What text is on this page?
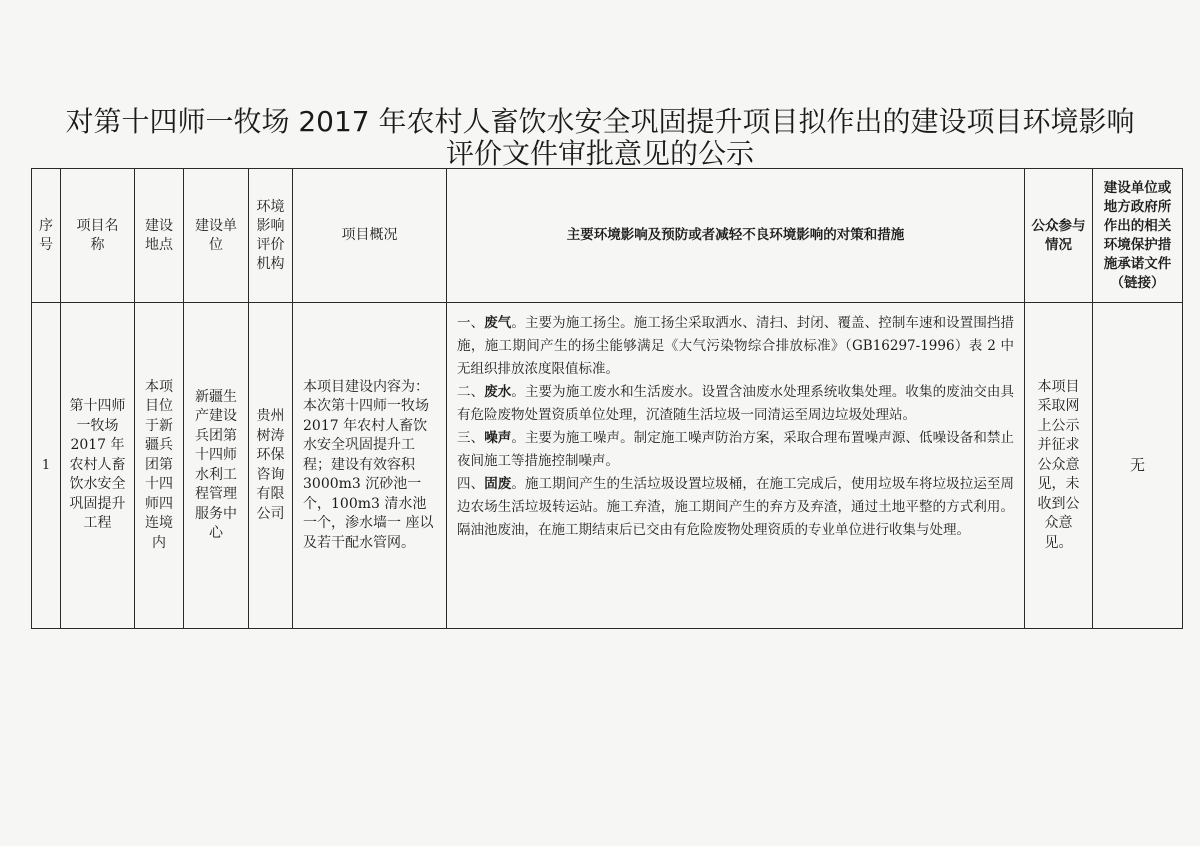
对第十四师一牧场 2017 年农村人畜饮水安全巩固提升项目拟作出的建设项目环境影响
评价文件审批意见的公示
序号	项目名称	建设地点	建设单位	环境影响评价机构	项目概况	主要环境影响及预防或者减轻不良环境影响的对策和措施	公众参与情况	建设单位或地方政府所作出的相关环境保护措施承诺文件（链接）
1	第十四师一牧场 2017 年农村人畜饮水安全巩固提升工程	本项目位于新疆兵团第十四师四连境内	新疆生产建设兵团第十四师水利工程管理服务中心	贵州树涛环保咨询有限公司	本项目建设内容为：本次第十四师一牧场 2017 年农村人畜饮水安全巩固提升工程；建设有效容积 3000m3 沉砂池一个，100m3 清水池一个，渗水墙一 座以及若干配水管网。	一、废气。主要为施工扬尘。施工扬尘采取洒水、清扫、封闭、覆盖、控制车速和设置围挡措施，施工期间产生的扬尘能够满足《大气污染物综合排放标准》（GB16297-1996）表 2 中无组织排放浓度限值标准。

二、废水。主要为施工废水和生活废水。设置含油废水处理系统收集处理。收集的废油交由具有危险废物处置资质单位处理，沉渣随生活垃圾一同清运至周边垃圾处理站。

三、噪声。主要为施工噪声。制定施工噪声防治方案，采取合理布置噪声源、低噪设备和禁止夜间施工等措施控制噪声。

四、固废。施工期间产生的生活垃圾设置垃圾桶，在施工完成后，使用垃圾车将垃圾拉运至周边农场生活垃圾转运站。施工弃渣，施工期间产生的弃方及弃渣，通过土地平整的方式利用。隔油池废油，在施工期结束后已交由有危险废物处理资质的专业单位进行收集与处理。	本项目采取网上公示并征求公众意见，未收到公众意见。	无
